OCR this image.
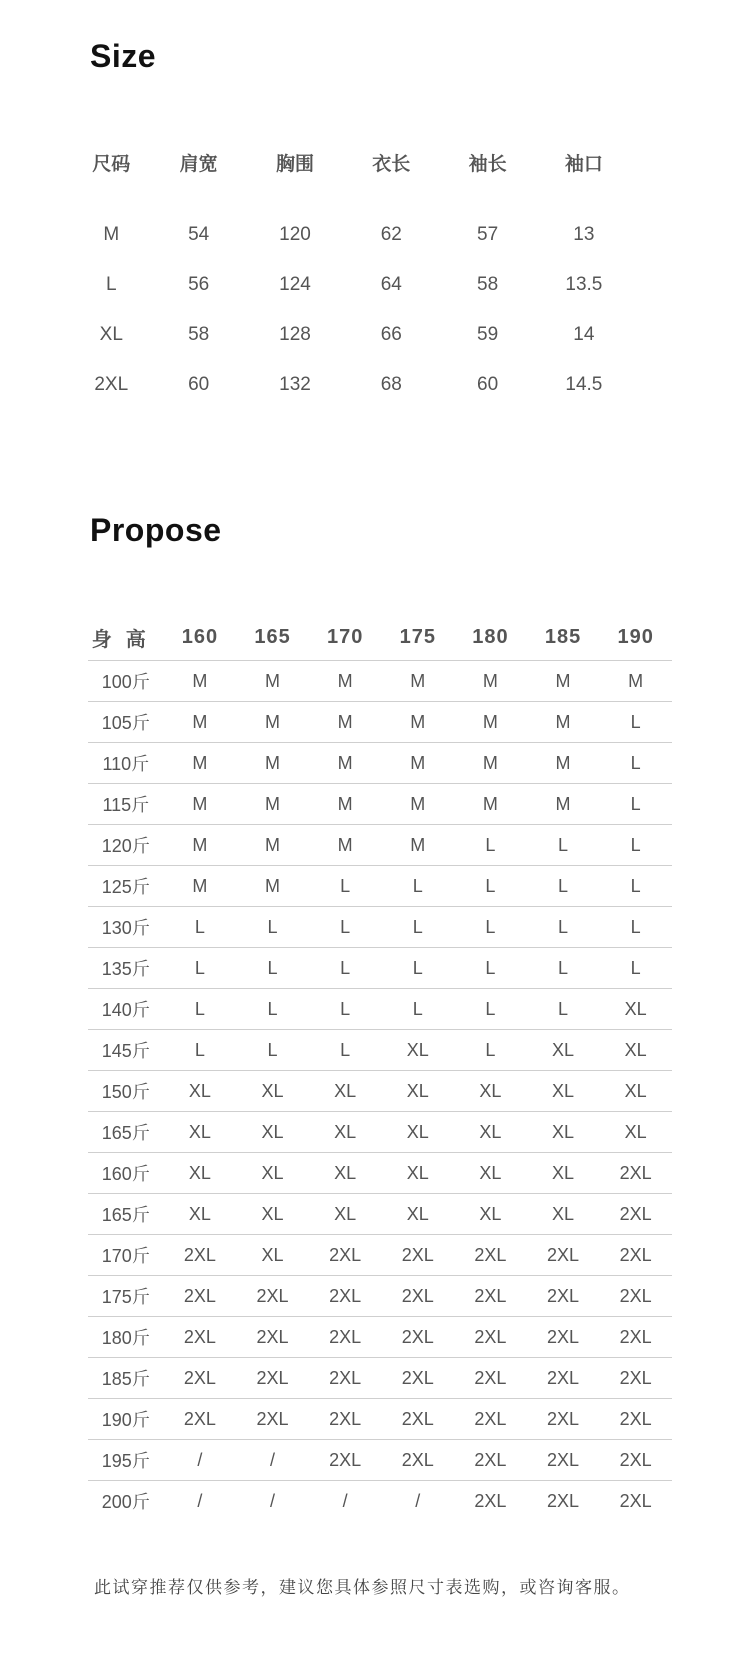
Size
尺码	肩宽	胸围	衣长	袖长	袖口
M	54	120	62	57	13
L	56	124	64	58	13.5
XL	58	128	66	59	14
2XL	60	132	68	60	14.5
Propose
身高	160	165	170	175	180	185	190
100斤	M	M	M	M	M	M	M
105斤	M	M	M	M	M	M	L
110斤	M	M	M	M	M	M	L
115斤	M	M	M	M	M	M	L
120斤	M	M	M	M	L	L	L
125斤	M	M	L	L	L	L	L
130斤	L	L	L	L	L	L	L
135斤	L	L	L	L	L	L	L
140斤	L	L	L	L	L	L	XL
145斤	L	L	L	XL	L	XL	XL
150斤	XL	XL	XL	XL	XL	XL	XL
165斤	XL	XL	XL	XL	XL	XL	XL
160斤	XL	XL	XL	XL	XL	XL	2XL
165斤	XL	XL	XL	XL	XL	XL	2XL
170斤	2XL	XL	2XL	2XL	2XL	2XL	2XL
175斤	2XL	2XL	2XL	2XL	2XL	2XL	2XL
180斤	2XL	2XL	2XL	2XL	2XL	2XL	2XL
185斤	2XL	2XL	2XL	2XL	2XL	2XL	2XL
190斤	2XL	2XL	2XL	2XL	2XL	2XL	2XL
195斤	/	/	2XL	2XL	2XL	2XL	2XL
200斤	/	/	/	/	2XL	2XL	2XL

此试穿推荐仅供参考，建议您具体参照尺寸表选购，或咨询客服。
